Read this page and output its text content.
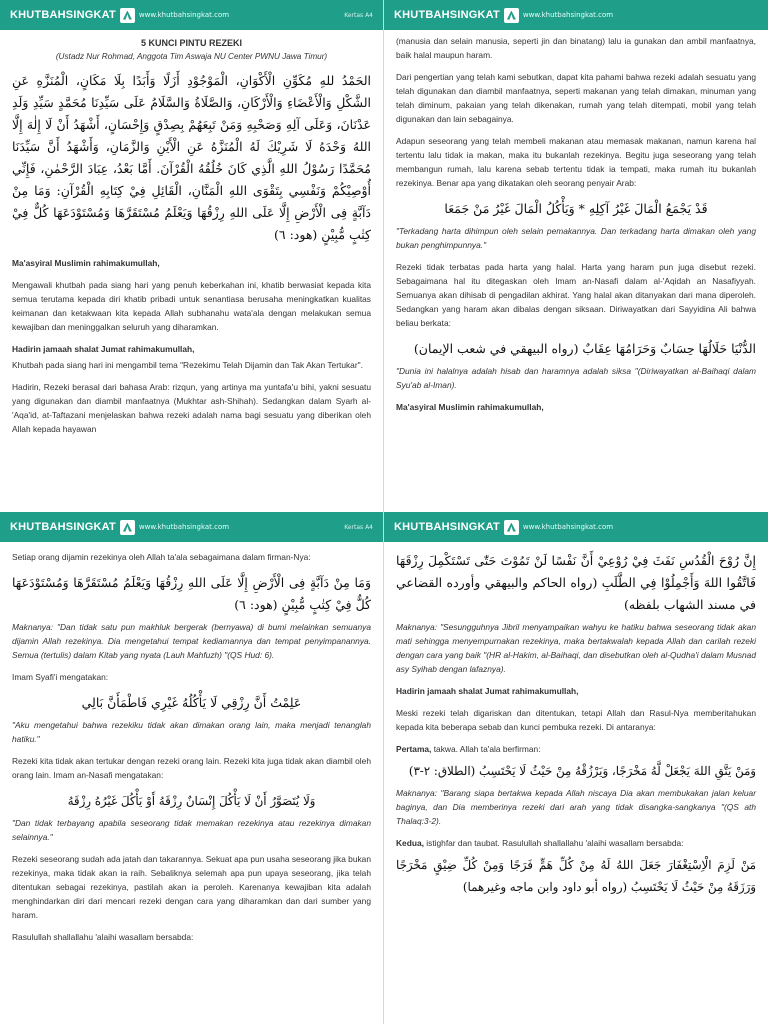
KHUTBAHSINGKAT	www.khutbahsingkat.com	Kertas A4
5 KUNCI PINTU REZEKI
(Ustadz Nur Rohmad, Anggota Tim Aswaja NU Center PWNU Jawa Timur)
الحَمْدُ للهِ مُكَوِّنِ الْأَكْوَانِ، الْمَوْجُوْدِ أَزَلًا وَأَبَدًا بِلَا مَكَانٍ، الْمُنَزَّهِ عَنِ الشَّكْلِ وَالْأَعْضَاءِ وَالْأَرْكَانِ، وَالصَّلَاةُ وَالسَّلَامُ عَلَى سَيِّدِنَا مُحَمَّدٍ سَيِّدِ وَلَدِ عَدْنَانَ، وَعَلَى آلِهِ وَصَحْبِهِ وَمَنْ تَبِعَهُمْ بِصِدْقٍ وَإِحْسَانٍ، أَشْهَدُ أَنْ لَا إِلٰهَ إِلَّا اللهُ وَحْدَهُ لَا شَرِيْكَ لَهُ الْمُنَزَّهُ عَنِ الْأَيْنِ وَالزَّمَانِ، وَأَشْهَدُ أَنَّ سَيِّدَنَا مُحَمَّدًا رَسُوْلُ اللهِ الَّذِي كَانَ خُلُقُهُ الْقُرْآنَ. أَمَّا بَعْدُ، عِبَادَ الرَّحْمٰنِ، فَإِنِّي أُوْصِيْكُمْ وَنَفْسِي بِتَقْوَى اللهِ الْمَنَّانِ، الْقَائِلِ فِيْ كِتَابِهِ الْقُرْآنِ: وَمَا مِنْ دَآبَّةٍ فِى الْأَرْضِ إِلَّا عَلَى اللهِ رِزْقُهَا وَيَعْلَمُ مُسْتَقَرَّهَا وَمُسْتَوْدَعَهَا كُلٌّ فِيْ كِتٰبٍ مُّبِيْنٍ (هود: ٦)

Ma'asyiral Muslimin rahimakumullah,

Mengawali khutbah pada siang hari yang penuh keberkahan ini, khatib berwasiat kepada kita semua terutama kepada diri khatib pribadi untuk senantiasa berusaha meningkatkan kualitas keimanan dan ketakwaan kita kepada Allah subhanahu wata'ala dengan melakukan semua kewajiban dan meninggalkan seluruh yang diharamkan.

Hadirin jamaah shalat Jumat rahimakumullah,

Khutbah pada siang hari ini mengambil tema "Rezekimu Telah Dijamin dan Tak Akan Tertukar".

Hadirin, Rezeki berasal dari bahasa Arab: rizqun, yang artinya ma yuntafa'u bihi, yakni sesuatu yang digunakan dan diambil manfaatnya (Mukhtar ash-Shihah). Sedangkan dalam Syarh al-'Aqa'id, at-Taftazani menjelaskan bahwa rezeki adalah nama bagi sesuatu yang diberikan oleh Allah kepada hayawan

KHUTBAHSINGKAT	www.khutbahsingkat.com

(manusia dan selain manusia, seperti jin dan binatang) lalu ia gunakan dan ambil manfaatnya, baik halal maupun haram.

Dari pengertian yang telah kami sebutkan, dapat kita pahami bahwa rezeki adalah sesuatu yang telah digunakan dan diambil manfaatnya, seperti makanan yang telah dimakan, minuman yang telah diminum, pakaian yang telah dikenakan, rumah yang telah ditempati, mobil yang telah digunakan dan lain sebagainya.

Adapun seseorang yang telah membeli makanan atau memasak makanan, namun karena hal tertentu lalu tidak ia makan, maka itu bukanlah rezekinya. Begitu juga seseorang yang telah membangun rumah, lalu karena sebab tertentu tidak ia tempati, maka rumah itu bukanlah rezekinya. Benar apa yang dikatakan oleh seorang penyair Arab:

قَدْ يَجْمَعُ الْمَالَ غَيْرُ آكِلِهِ * وَيَأْكُلُ الْمَالَ غَيْرُ مَنْ جَمَعَا

"Terkadang harta dihimpun oleh selain pemakannya. Dan terkadang harta dimakan oleh yang bukan penghimpunnya."

Rezeki tidak terbatas pada harta yang halal. Harta yang haram pun juga disebut rezeki. Sebagaimana hal itu ditegaskan oleh Imam an-Nasafi dalam al-'Aqidah an Nasafiyyah. Semuanya akan dihisab di pengadilan akhirat. Yang halal akan ditanyakan dari mana diperoleh. Sedangkan yang haram akan dibalas dengan siksaan. Diriwayatkan dari Sayyidina Ali bahwa beliau berkata:

الدُّنْيَا حَلَالُهَا حِسَابٌ وَحَرَامُهَا عِقَابٌ (رواه البيهقي في شعب الإيمان)

"Dunia ini halalnya adalah hisab dan haramnya adalah siksa "(Diriwayatkan al-Baihaqi dalam Syu'ab al-Iman).

Ma'asyiral Muslimin rahimakumullah,

KHUTBAHSINGKAT	www.khutbahsingkat.com	Kertas A4

Setiap orang dijamin rezekinya oleh Allah ta'ala sebagaimana dalam firman-Nya:

وَمَا مِنْ دَآبَّةٍ فِى الْأَرْضِ إِلَّا عَلَى اللهِ رِزْقُهَا وَيَعْلَمُ مُسْتَقَرَّهَا وَمُسْتَوْدَعَهَا كُلٌّ فِيْ كِتٰبٍ مُّبِيْنٍ (هود: ٦)

Maknanya: "Dan tidak satu pun makhluk bergerak (bernyawa) di bumi melainkan semuanya dijamin Allah rezekinya. Dia mengetahui tempat kediamannya dan tempat penyimpanannya. Semua (tertulis) dalam Kitab yang nyata (Lauh Mahfuzh) "(QS Hud: 6).

Imam Syafi'i mengatakan:

عَلِمْتُ أَنَّ رِزْقِي لَا يَأْكُلُهُ غَيْرِي فَاطْمَأَنَّ بَالِي

"Aku mengetahui bahwa rezekiku tidak akan dimakan orang lain, maka menjadi tenanglah hatiku."

Rezeki kita tidak akan tertukar dengan rezeki orang lain. Rezeki kita juga tidak akan diambil oleh orang lain. Imam an-Nasafi mengatakan:

وَلَا يُتَصَوَّرُ أَنْ لَا يَأْكُلَ إِنْسَانٌ رِزْقَهُ أَوْ يَأْكُلَ غَيْرُهُ رِزْقَهُ

"Dan tidak terbayang apabila seseorang tidak memakan rezekinya atau rezekinya dimakan selainnya."

Rezeki seseorang sudah ada jatah dan takarannya. Sekuat apa pun usaha seseorang jika bukan rezekinya, maka tidak akan ia raih. Sebaliknya selemah apa pun upaya seseorang, jika telah ditentukan sebagai rezekinya, pastilah akan ia peroleh. Karenanya kewajiban kita adalah menghindarkan diri dari mencari rezeki dengan cara yang diharamkan dan dari sumber yang haram.

Rasulullah shallallahu 'alaihi wasallam bersabda:

KHUTBAHSINGKAT	www.khutbahsingkat.com
إِنَّ رُوْحَ الْقُدُسِ نَفَثَ فِيْ رُوْعِيْ أَنَّ نَفْسًا لَنْ تَمُوْتَ حَتّٰى تَسْتَكْمِلَ رِزْقَهَا فَاتَّقُوا اللهَ وَأَجْمِلُوْا فِي الطَّلَبِ (رواه الحاكم والبيهقي وأورده القضاعي في مسند الشهاب بلفظه)

Maknanya: "Sesungguhnya Jibril menyampaikan wahyu ke hatiku bahwa seseorang tidak akan mati sehingga menyempurnakan rezekinya, maka bertakwalah kepada Allah dan carilah rezeki dengan cara yang baik "(HR al-Hakim, al-Baihaqi, dan disebutkan oleh al-Qudha'i dalam Musnad asy Syihab dengan lafaznya).

Hadirin jamaah shalat Jumat rahimakumullah,

Meski rezeki telah digariskan dan ditentukan, tetapi Allah dan Rasul-Nya memberitahukan kepada kita beberapa sebab dan kunci pembuka rezeki. Di antaranya:

Pertama, takwa. Allah ta'ala berfirman:

وَمَنْ يَتَّقِ اللهَ يَجْعَلْ لَّهُ مَخْرَجًا، وَيَرْزُقْهُ مِنْ حَيْثُ لَا يَحْتَسِبُ (الطلاق: ٢-٣)

Maknanya: "Barang siapa bertakwa kepada Allah niscaya Dia akan membukakan jalan keluar baginya, dan Dia memberinya rezeki dari arah yang tidak disangka-sangkanya "(QS ath Thalaq:3-2).

Kedua, istighfar dan taubat. Rasulullah shallallahu 'alaihi wasallam bersabda:

مَنْ لَزِمَ الْاِسْتِغْفَارَ جَعَلَ اللهُ لَهُ مِنْ كُلِّ هَمٍّ فَرَجًا وَمِنْ كُلِّ ضِيْقٍ مَخْرَجًا وَرَزَقَهُ مِنْ حَيْثُ لَا يَحْتَسِبُ (رواه أبو داود وابن ماجه وغيرهما)
